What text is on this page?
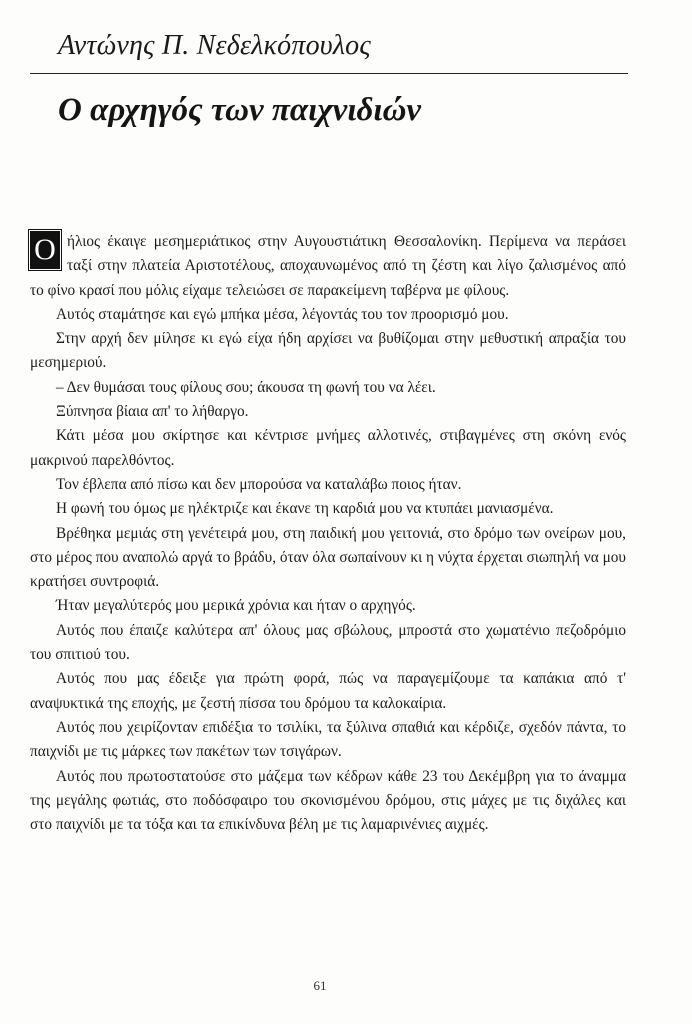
Αντώνης Π. Νεδελκόπουλος
Ο αρχηγός των παιχνιδιών

Ο ήλιος έκαιγε μεσημεριάτικος στην Αυγουστιάτικη Θεσσαλονίκη. Περίμενα να περάσει ταξί στην πλατεία Αριστοτέλους, αποχαυνωμένος από τη ζέστη και λίγο ζαλισμένος από το φίνο κρασί που μόλις είχαμε τελειώσει σε παρακείμενη ταβέρνα με φίλους.

Αυτός σταμάτησε και εγώ μπήκα μέσα, λέγοντάς του τον προορισμό μου.

Στην αρχή δεν μίλησε κι εγώ είχα ήδη αρχίσει να βυθίζομαι στην μεθυστική απραξία του μεσημεριού.

– Δεν θυμάσαι τους φίλους σου; άκουσα τη φωνή του να λέει.

Ξύπνησα βίαια απ' το λήθαργο.

Κάτι μέσα μου σκίρτησε και κέντρισε μνήμες αλλοτινές, στιβαγμένες στη σκόνη ενός μακρινού παρελθόντος.

Τον έβλεπα από πίσω και δεν μπορούσα να καταλάβω ποιος ήταν.

Η φωνή του όμως με ηλέκτριζε και έκανε τη καρδιά μου να κτυπάει μανιασμένα.

Βρέθηκα μεμιάς στη γενέτειρά μου, στη παιδική μου γειτονιά, στο δρόμο των ονείρων μου, στο μέρος που αναπολώ αργά το βράδυ, όταν όλα σωπαίνουν κι η νύχτα έρχεται σιωπηλή να μου κρατήσει συντροφιά.

Ήταν μεγαλύτερός μου μερικά χρόνια και ήταν ο αρχηγός.

Αυτός που έπαιζε καλύτερα απ' όλους μας σβώλους, μπροστά στο χωματένιο πεζοδρόμιο του σπιτιού του.

Αυτός που μας έδειξε για πρώτη φορά, πώς να παραγεμίζουμε τα καπάκια από τ' αναψυκτικά της εποχής, με ζεστή πίσσα του δρόμου τα καλοκαίρια.

Αυτός που χειρίζονταν επιδέξια το τσιλίκι, τα ξύλινα σπαθιά και κέρδιζε, σχεδόν πάντα, το παιχνίδι με τις μάρκες των πακέτων των τσιγάρων.

Αυτός που πρωτοστατούσε στο μάζεμα των κέδρων κάθε 23 του Δεκέμβρη για το άναμμα της μεγάλης φωτιάς, στο ποδόσφαιρο του σκονισμένου δρόμου, στις μάχες με τις διχάλες και στο παιχνίδι με τα τόξα και τα επικίνδυνα βέλη με τις λαμαρινένιες αιχμές.

61
